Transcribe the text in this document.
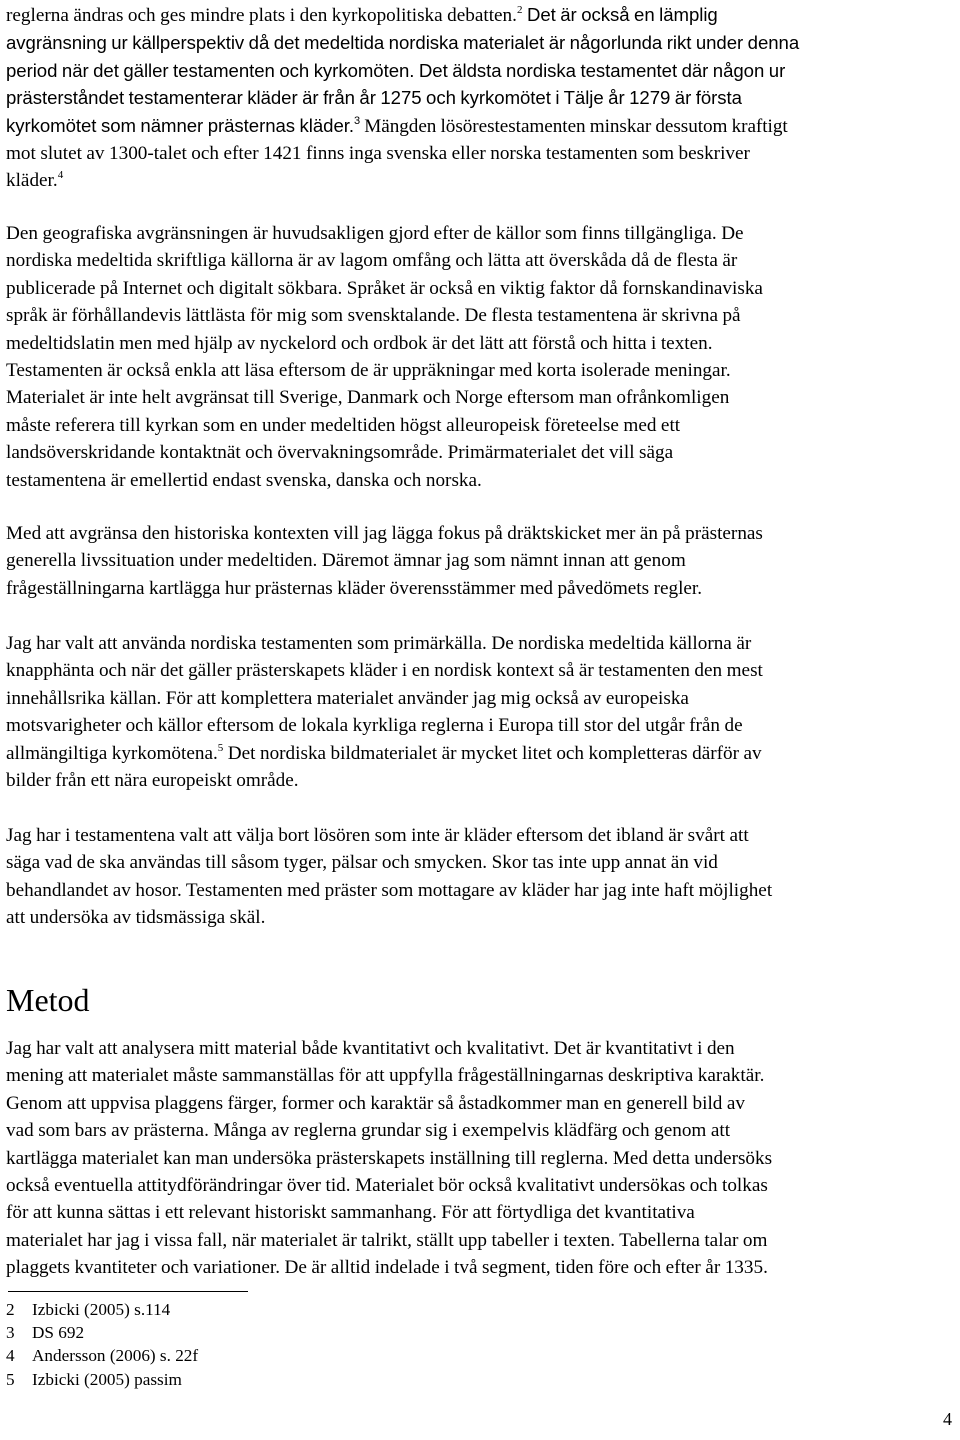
reglerna ändras och ges mindre plats i den kyrkopolitiska debatten.$^2$ Det är också en lämplig
avgränsning ur källperspektiv då det medeltida nordiska materialet är någorlunda rikt under denna
period när det gäller testamenten och kyrkomöten. Det äldsta nordiska testamentet där någon ur
prästerståndet testamenterar kläder är från år 1275 och kyrkomötet i Tälje år 1279 är första
kyrkomötet som nämner prästernas kläder.$^3$ Mängden lösörestestamenten minskar dessutom kraftigt
mot slutet av 1300-talet och efter 1421 finns inga svenska eller norska testamenten som beskriver
kläder.$^4$

Den geografiska avgränsningen är huvudsakligen gjord efter de källor som finns tillgängliga. De
nordiska medeltida skriftliga källorna är av lagom omfång och lätta att överskåda då de flesta är
publicerade på Internet och digitalt sökbara. Språket är också en viktig faktor då fornskandinaviska
språk är förhållandevis lättlästa för mig som svensktalande. De flesta testamentena är skrivna på
medeltidslatin men med hjälp av nyckelord och ordbok är det lätt att förstå och hitta i texten.
Testamenten är också enkla att läsa eftersom de är uppräkningar med korta isolerade meningar.
Materialet är inte helt avgränsat till Sverige, Danmark och Norge eftersom man ofrånkomligen
måste referera till kyrkan som en under medeltiden högst alleuropeisk företeelse med ett
landsöverskridande kontaktnät och övervakningsområde. Primärmaterialet det vill säga
testamentena är emellertid endast svenska, danska och norska.

Med att avgränsa den historiska kontexten vill jag lägga fokus på dräktskicket mer än på prästernas
generella livssituation under medeltiden. Däremot ämnar jag som nämnt innan att genom
frågeställningarna kartlägga hur prästernas kläder överensstämmer med påvedömets regler.

Jag har valt att använda nordiska testamenten som primärkälla. De nordiska medeltida källorna är
knapphänta och när det gäller prästerskapets kläder i en nordisk kontext så är testamenten den mest
innehållsrika källan. För att komplettera materialet använder jag mig också av europeiska
motsvarigheter och källor eftersom de lokala kyrkliga reglerna i Europa till stor del utgår från de
allmängiltiga kyrkomötena.$^5$ Det nordiska bildmaterialet är mycket litet och kompletteras därför av
bilder från ett nära europeiskt område.

Jag har i testamentena valt att välja bort lösören som inte är kläder eftersom det ibland är svårt att
säga vad de ska användas till såsom tyger, pälsar och smycken. Skor tas inte upp annat än vid
behandlandet av hosor. Testamenten med präster som mottagare av kläder har jag inte haft möjlighet
att undersöka av tidsmässiga skäl.

Metod

Jag har valt att analysera mitt material både kvantitativt och kvalitativt. Det är kvantitativt i den
mening att materialet måste sammanställas för att uppfylla frågeställningarnas deskriptiva karaktär.
Genom att uppvisa plaggens färger, former och karaktär så åstadkommer man en generell bild av
vad som bars av prästerna. Många av reglerna grundar sig i exempelvis klädfärg och genom att
kartlägga materialet kan man undersöka prästerskapets inställning till reglerna. Med detta undersöks
också eventuella attitydförändringar över tid. Materialet bör också kvalitativt undersökas och tolkas
för att kunna sättas i ett relevant historiskt sammanhang. För att förtydliga det kvantitativa
materialet har jag i vissa fall, när materialet är talrikt, ställt upp tabeller i texten. Tabellerna talar om
plaggets kvantiteter och variationer. De är alltid indelade i två segment, tiden före och efter år 1335.

2 Izbicki (2005) s.114
3 DS 692
4 Andersson (2006) s. 22f
5 Izbicki (2005) passim
4
